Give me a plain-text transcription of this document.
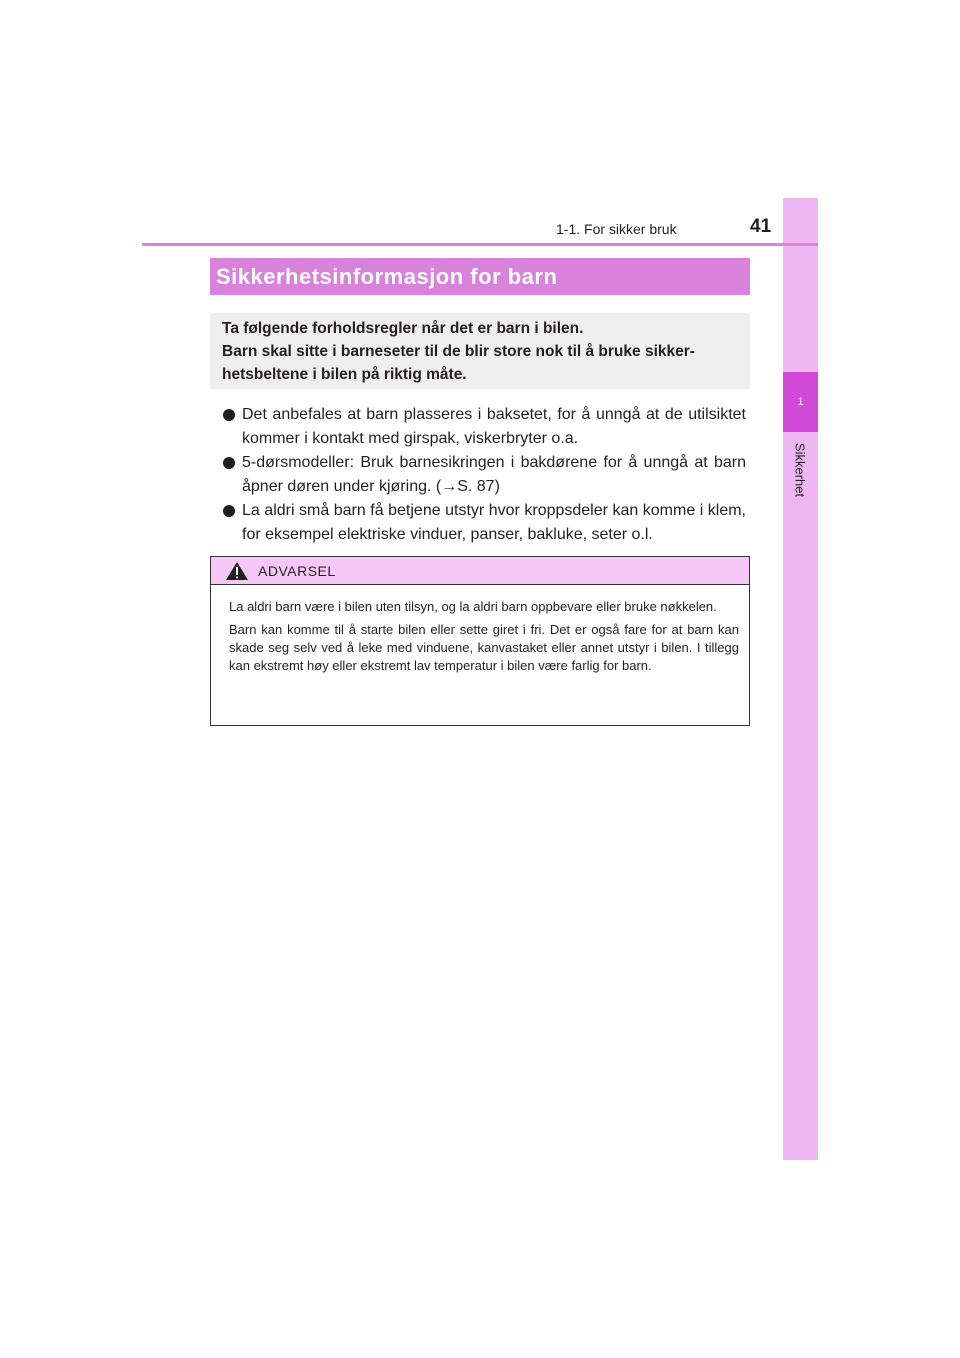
1
Sikkerhet
1-1. For sikker bruk	41
Sikkerhetsinformasjon for barn

Ta følgende forholdsregler når det er barn i bilen.

Barn skal sitte i barneseter til de blir store nok til å bruke sikker-hetsbeltene i bilen på riktig måte.

Det anbefales at barn plasseres i baksetet, for å unngå at de utilsiktet kommer i kontakt med girspak, viskerbryter o.a.
5-dørsmodeller: Bruk barnesikringen i bakdørene for å unngå at barn åpner døren under kjøring. (→S. 87)
La aldri små barn få betjene utstyr hvor kroppsdeler kan komme i klem, for eksempel elektriske vinduer, panser, bakluke, seter o.l.
ADVARSEL

La aldri barn være i bilen uten tilsyn, og la aldri barn oppbevare eller bruke nøkkelen.

Barn kan komme til å starte bilen eller sette giret i fri. Det er også fare for at barn kan skade seg selv ved å leke med vinduene, kanvastaket eller annet utstyr i bilen. I tillegg kan ekstremt høy eller ekstremt lav temperatur i bilen være farlig for barn.
